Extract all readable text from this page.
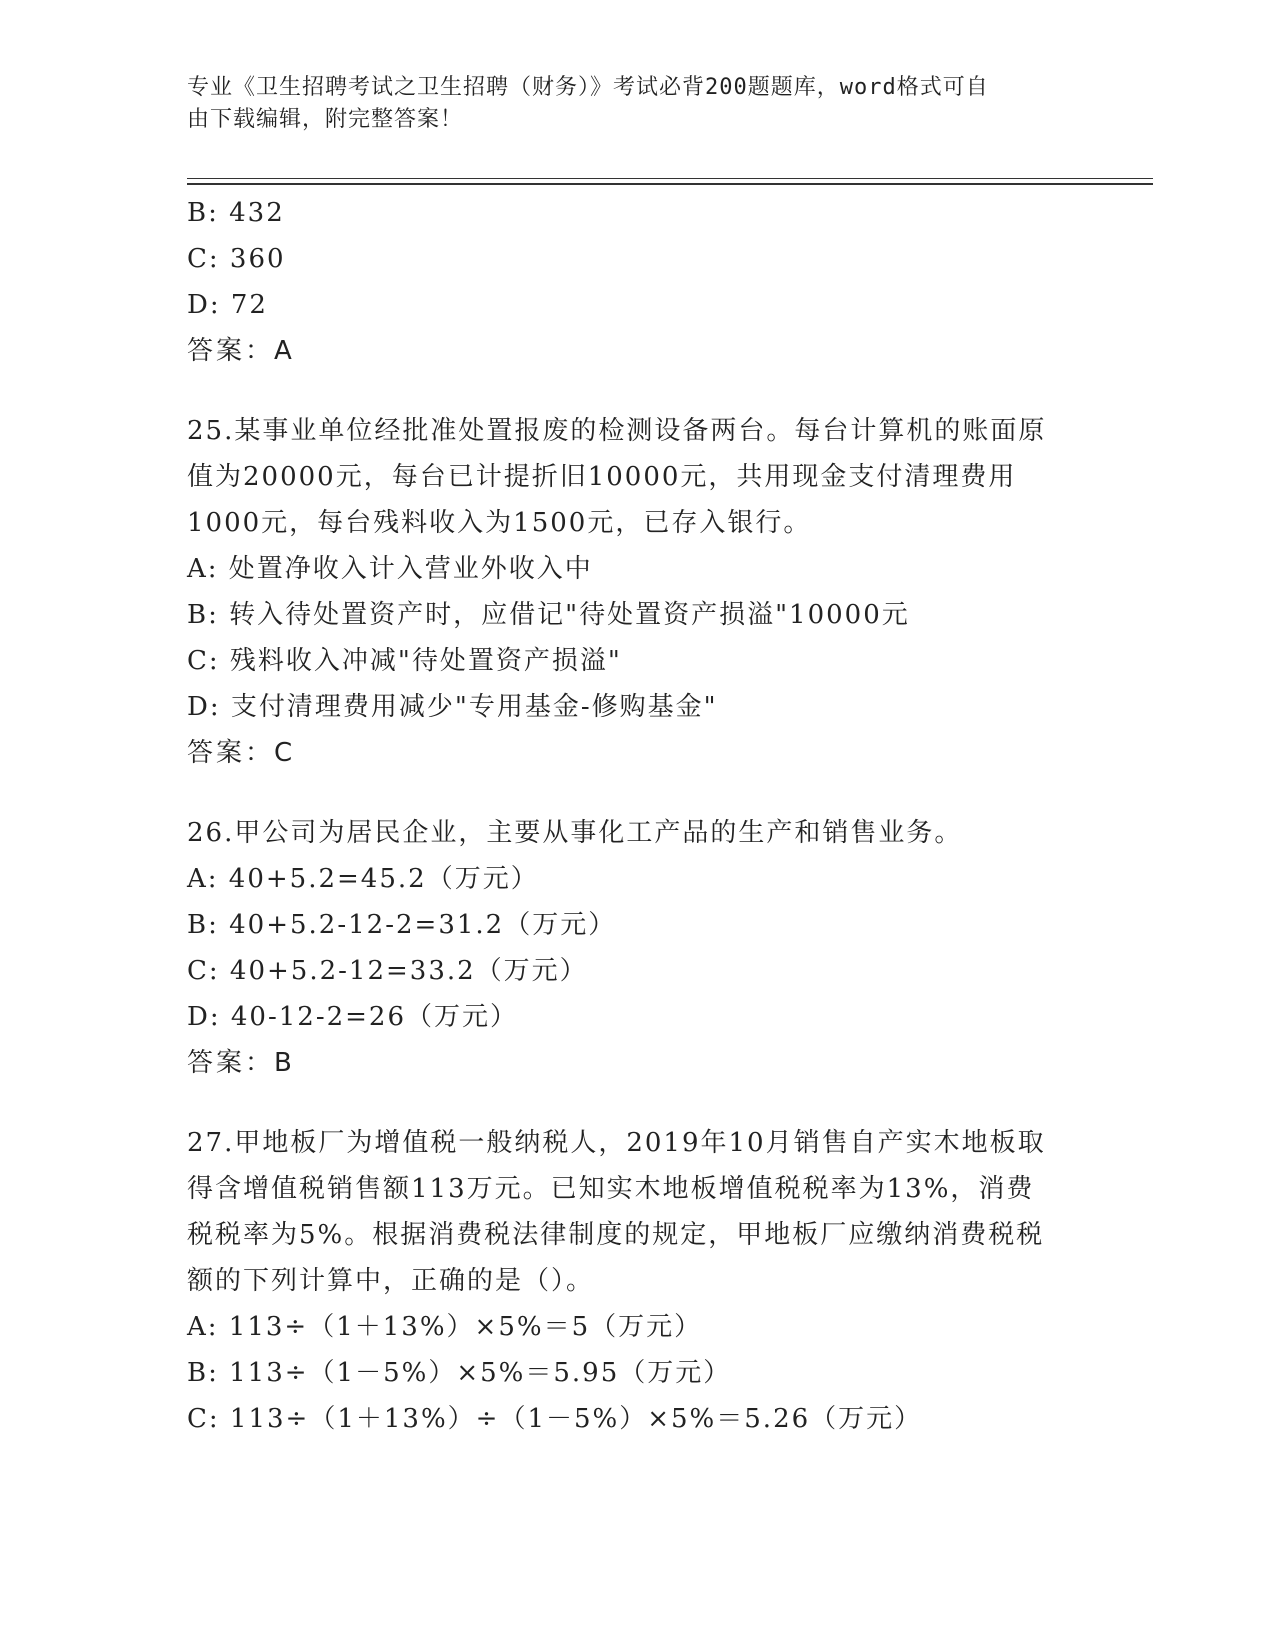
专业《卫生招聘考试之卫生招聘（财务）》考试必背200题题库，word格式可自
由下载编辑，附完整答案！
B: 432
C: 360
D: 72
答案：A
25.某事业单位经批准处置报废的检测设备两台。每台计算机的账面原
值为20000元，每台已计提折旧10000元，共用现金支付清理费用
1000元，每台残料收入为1500元，已存入银行。
A: 处置净收入计入营业外收入中
B: 转入待处置资产时，应借记"待处置资产损溢"10000元
C: 残料收入冲减"待处置资产损溢"
D: 支付清理费用减少"专用基金-修购基金"
答案：C
26.甲公司为居民企业，主要从事化工产品的生产和销售业务。
A: 40+5.2=45.2（万元）
B: 40+5.2-12-2=31.2（万元）
C: 40+5.2-12=33.2（万元）
D: 40-12-2=26（万元）
答案：B
27.甲地板厂为增值税一般纳税人，2019年10月销售自产实木地板取
得含增值税销售额113万元。已知实木地板增值税税率为13%，消费
税税率为5%。根据消费税法律制度的规定，甲地板厂应缴纳消费税税
额的下列计算中，正确的是（）。
A: 113÷（1＋13%）×5%＝5（万元）
B: 113÷（1－5%）×5%＝5.95（万元）
C: 113÷（1＋13%）÷（1－5%）×5%＝5.26（万元）
